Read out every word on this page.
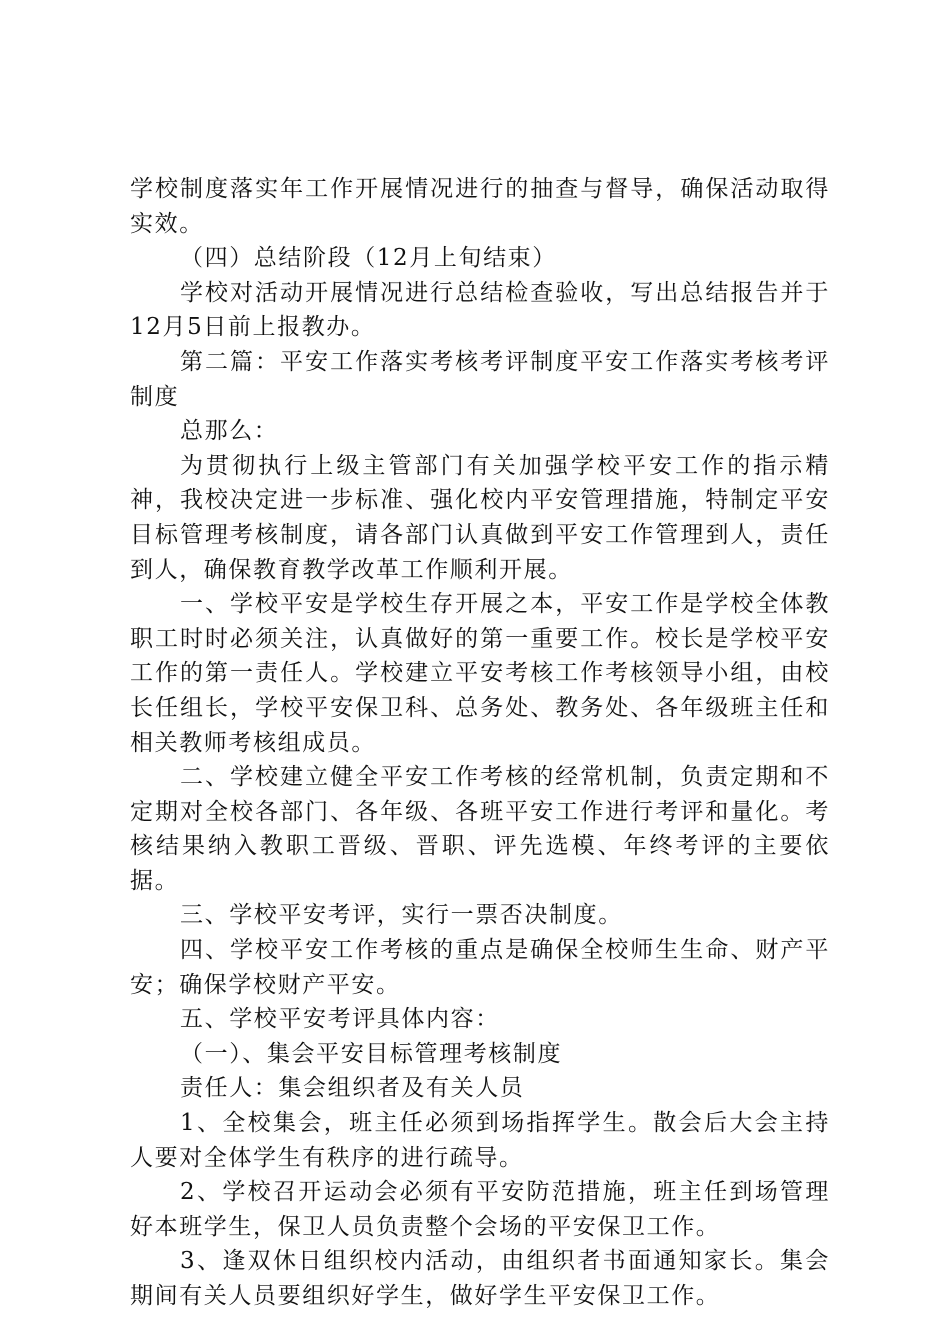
学校制度落实年工作开展情况进行的抽查与督导，确保活动取得实效。

（四）总结阶段（12月上旬结束）

学校对活动开展情况进行总结检查验收，写出总结报告并于12月5日前上报教办。

第二篇：平安工作落实考核考评制度平安工作落实考核考评制度

总那么：

为贯彻执行上级主管部门有关加强学校平安工作的指示精神，我校决定进一步标准、强化校内平安管理措施，特制定平安目标管理考核制度，请各部门认真做到平安工作管理到人，责任到人，确保教育教学改革工作顺利开展。

一、学校平安是学校生存开展之本，平安工作是学校全体教职工时时必须关注，认真做好的第一重要工作。校长是学校平安工作的第一责任人。学校建立平安考核工作考核领导小组，由校长任组长，学校平安保卫科、总务处、教务处、各年级班主任和相关教师考核组成员。

二、学校建立健全平安工作考核的经常机制，负责定期和不定期对全校各部门、各年级、各班平安工作进行考评和量化。考核结果纳入教职工晋级、晋职、评先选模、年终考评的主要依据。

三、学校平安考评，实行一票否决制度。

四、学校平安工作考核的重点是确保全校师生生命、财产平安；确保学校财产平安。

五、学校平安考评具体内容：

（一）、集会平安目标管理考核制度

责任人：集会组织者及有关人员

1、全校集会，班主任必须到场指挥学生。散会后大会主持人要对全体学生有秩序的进行疏导。

2、学校召开运动会必须有平安防范措施，班主任到场管理好本班学生，保卫人员负责整个会场的平安保卫工作。

3、逢双休日组织校内活动，由组织者书面通知家长。集会期间有关人员要组织好学生，做好学生平安保卫工作。
